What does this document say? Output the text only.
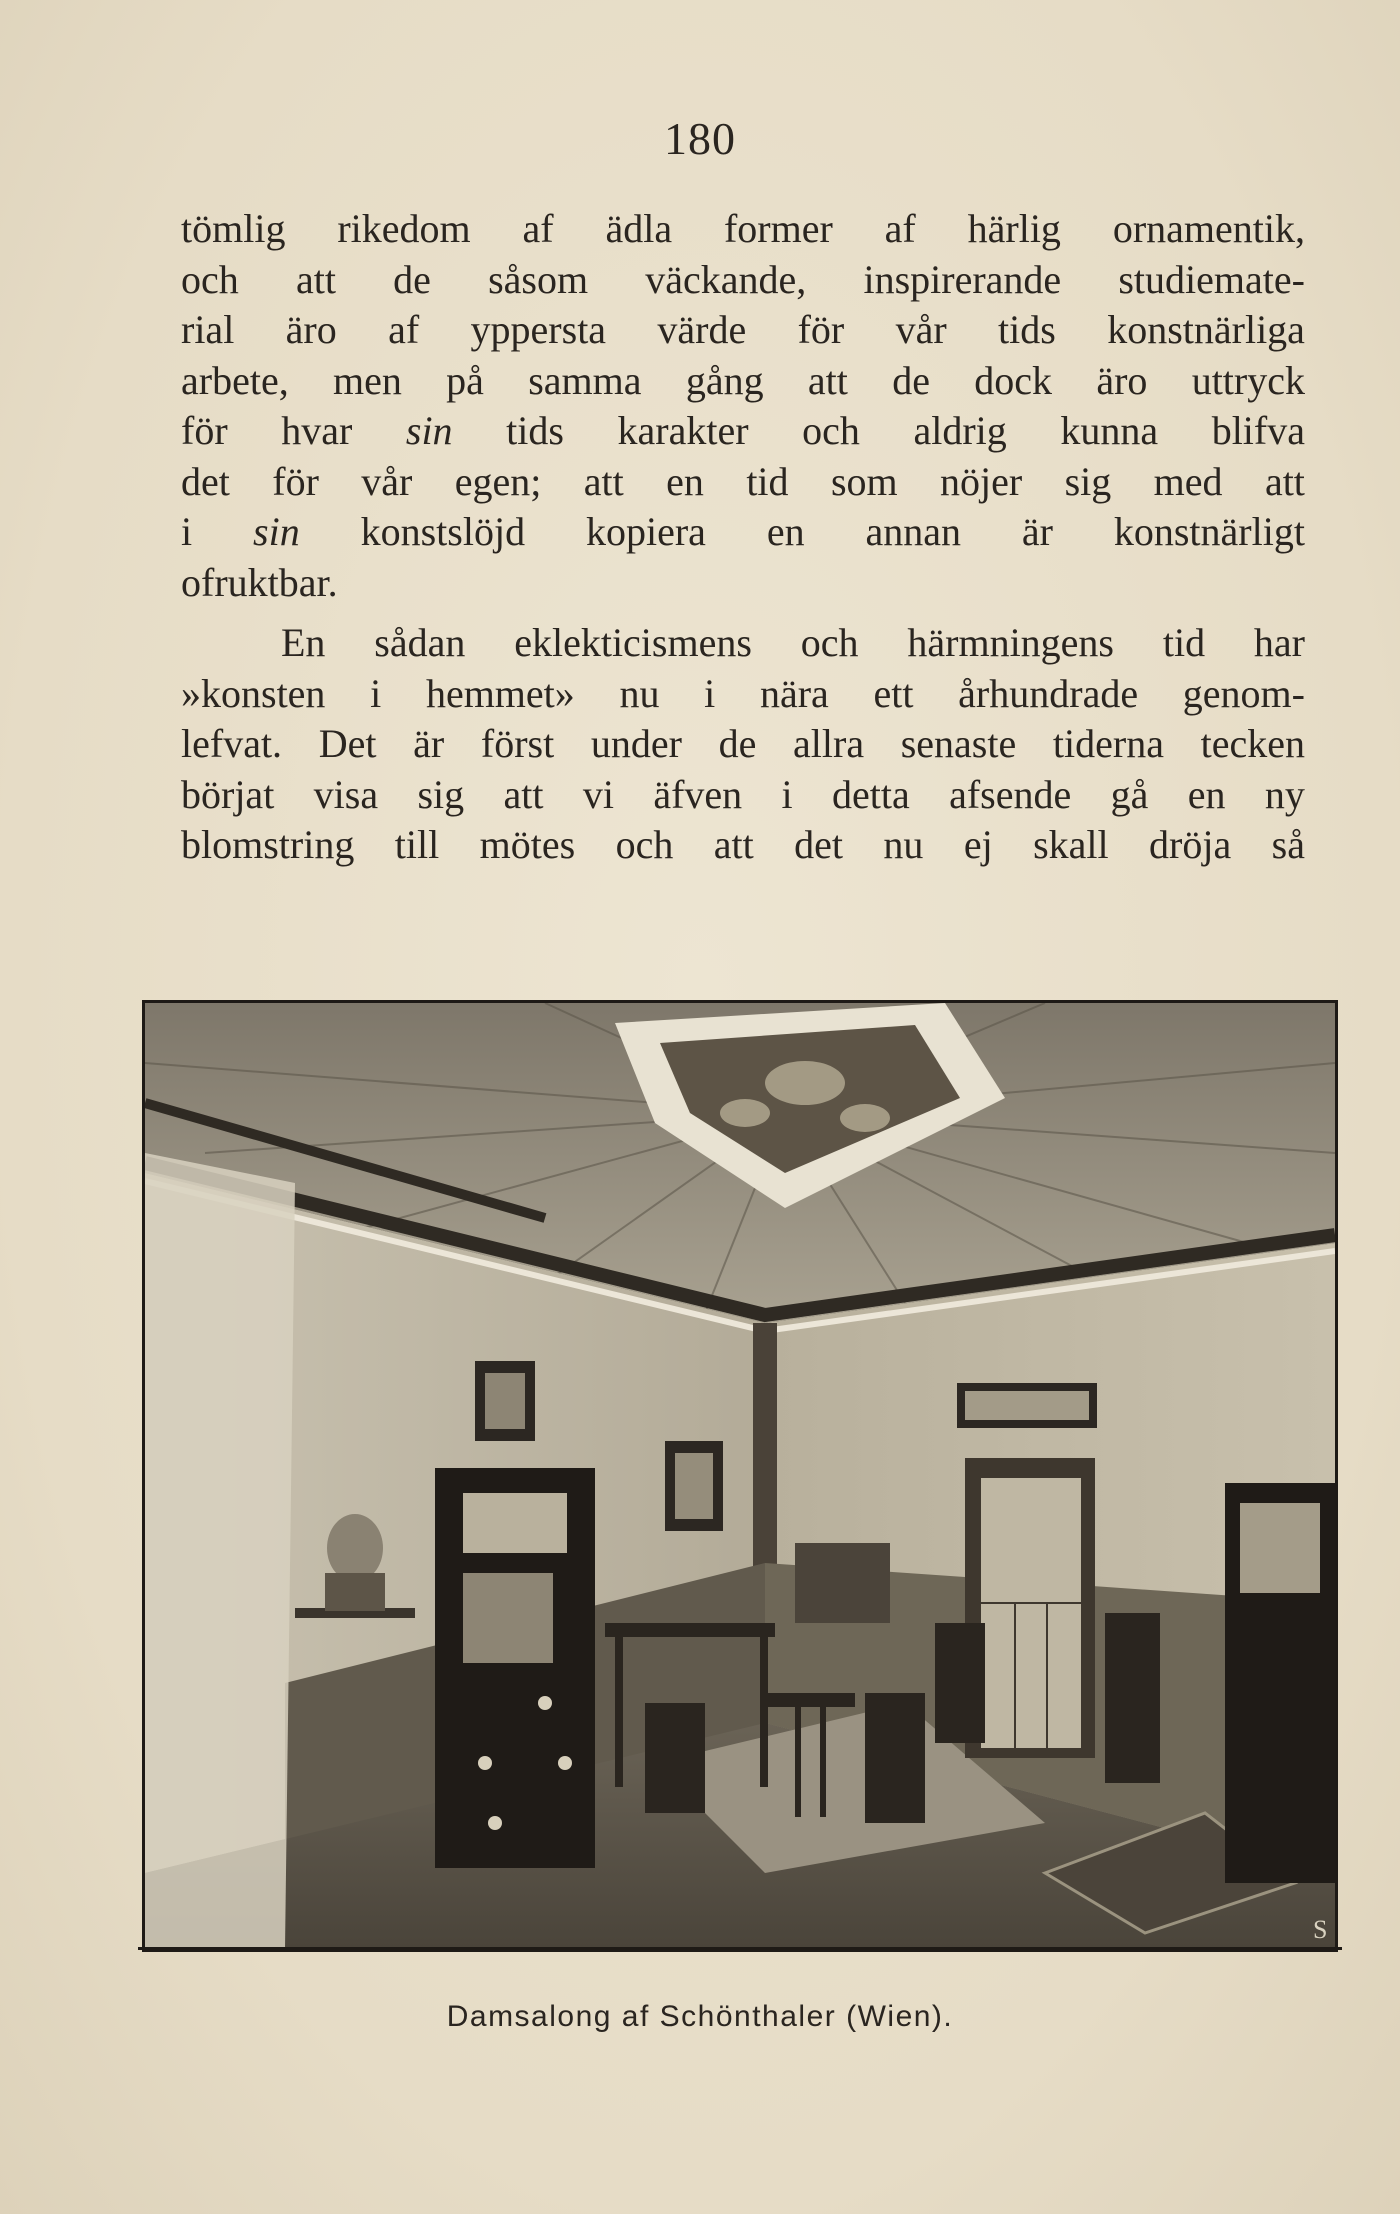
180
tömlig rikedom af ädla former af härlig ornamentik,
och att de såsom väckande, inspirerande studiemate-
rial äro af yppersta värde för vår tids konstnärliga
arbete, men på samma gång att de dock äro uttryck
för hvar sin tids karakter och aldrig kunna blifva
det för vår egen; att en tid som nöjer sig med att
i sin konstslöjd kopiera en annan är konstnärligt
ofruktbar.
En sådan eklekticismens och härmningens tid har
»konsten i hemmet» nu i nära ett århundrade genom-
lefvat. Det är först under de allra senaste tiderna tecken
börjat visa sig att vi äfven i detta afsende gå en ny
blomstring till mötes och att det nu ej skall dröja så
S
Damsalong af Schönthaler (Wien).
